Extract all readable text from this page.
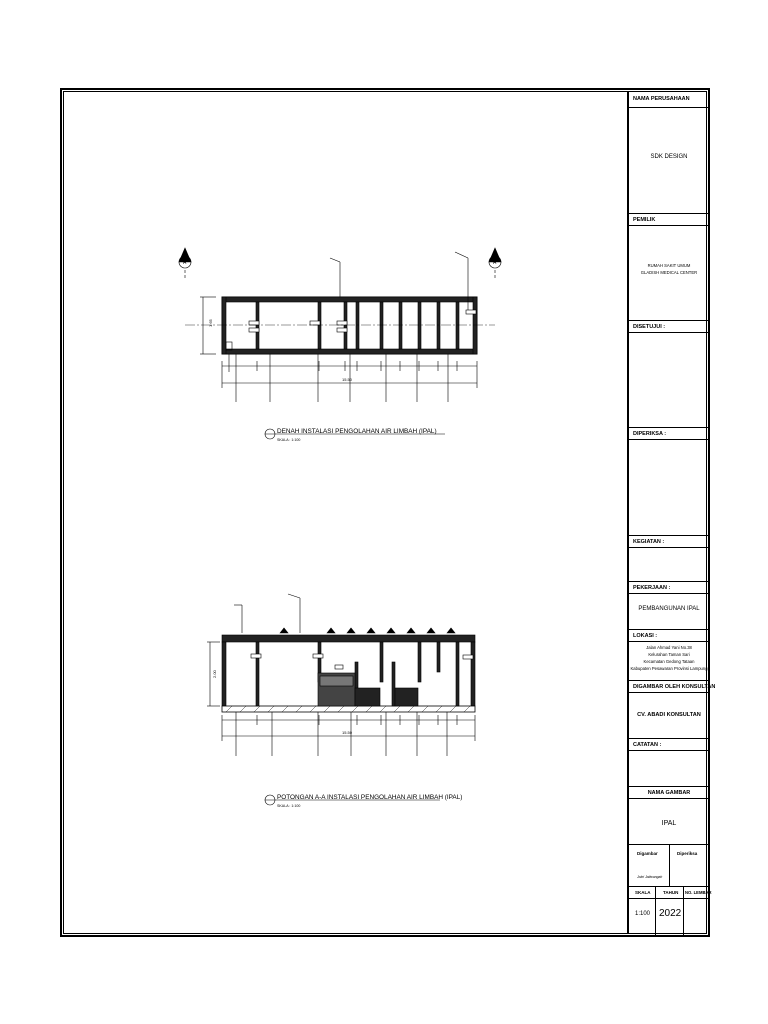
A	A
1.65
15.50
DENAH INSTALASI PENGOLAHAN AIR LIMBAH (IPAL)
SKALA : 1:100
2.00
15.50
POTONGAN A-A INSTALASI PENGOLAHAN AIR LIMBAH (IPAL)
SKALA : 1:100
NAMA PERUSAHAAN
SDK DESIGN
PEMILIK
RUMAH SAKIT UMUM
GLADISH MEDICAL CENTER
DISETUJUI :
DIPERIKSA :
KEGIATAN :
PEKERJAAN :
PEMBANGUNAN IPAL
LOKASI :
Jalan Ahmad Yani No.38
Kelurahan Taman Sari
Kecamatan Gedong Tataan
Kabupaten Pesawaran Provinsi Lampung
DIGAMBAR OLEH KONSULTAN
CV. ABADI KONSULTAN
CATATAN :
NAMA GAMBAR
IPAL
Digambar	Diperiksa
Jokri Jatiwangah
SKALA	TAHUN NO. LEMBAR
1:100 2022
